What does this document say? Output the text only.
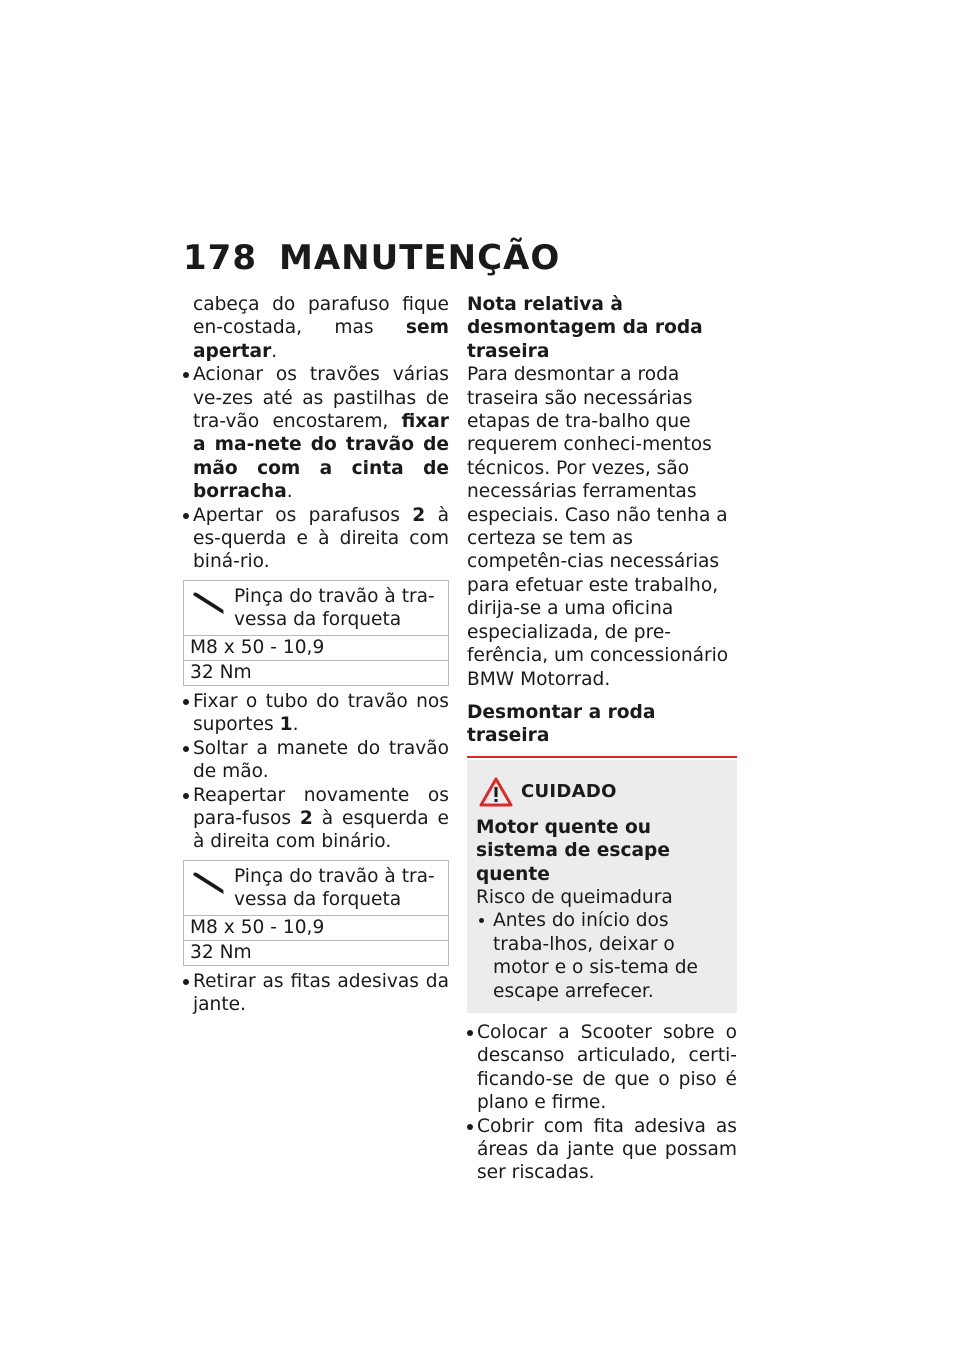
178 MANUTENÇÃO

cabeça do parafuso fique en-costada, mas sem apertar.

Acionar os travões várias ve-zes até as pastilhas de tra-vão encostarem, fixar a ma-nete do travão de mão com a cinta de borracha.
Apertar os parafusos 2 à es-querda e à direita com biná-rio.
Pinça do travão à tra-vessa da forqueta
M8 x 50 - 10,9
32 Nm
Fixar o tubo do travão nos suportes 1.
Soltar a manete do travão de mão.
Reapertar novamente os para-fusos 2 à esquerda e à direita com binário.
Pinça do travão à tra-vessa da forqueta
M8 x 50 - 10,9
32 Nm
Retirar as fitas adesivas da jante.
Nota relativa à desmontagem da roda traseira

Para desmontar a roda traseira são necessárias etapas de tra-balho que requerem conheci-mentos técnicos. Por vezes, são necessárias ferramentas especiais. Caso não tenha a certeza se tem as competên-cias necessárias para efetuar este trabalho, dirija-se a uma oficina especializada, de pre-ferência, um concessionário BMW Motorrad.

Desmontar a roda traseira
CUIDADO
Motor quente ou sistema de escape quente

Risco de queimadura

Antes do início dos traba-lhos, deixar o motor e o sis-tema de escape arrefecer.
Colocar a Scooter sobre o descanso articulado, certi-ficando-se de que o piso é plano e firme.
Cobrir com fita adesiva as áreas da jante que possam ser riscadas.
